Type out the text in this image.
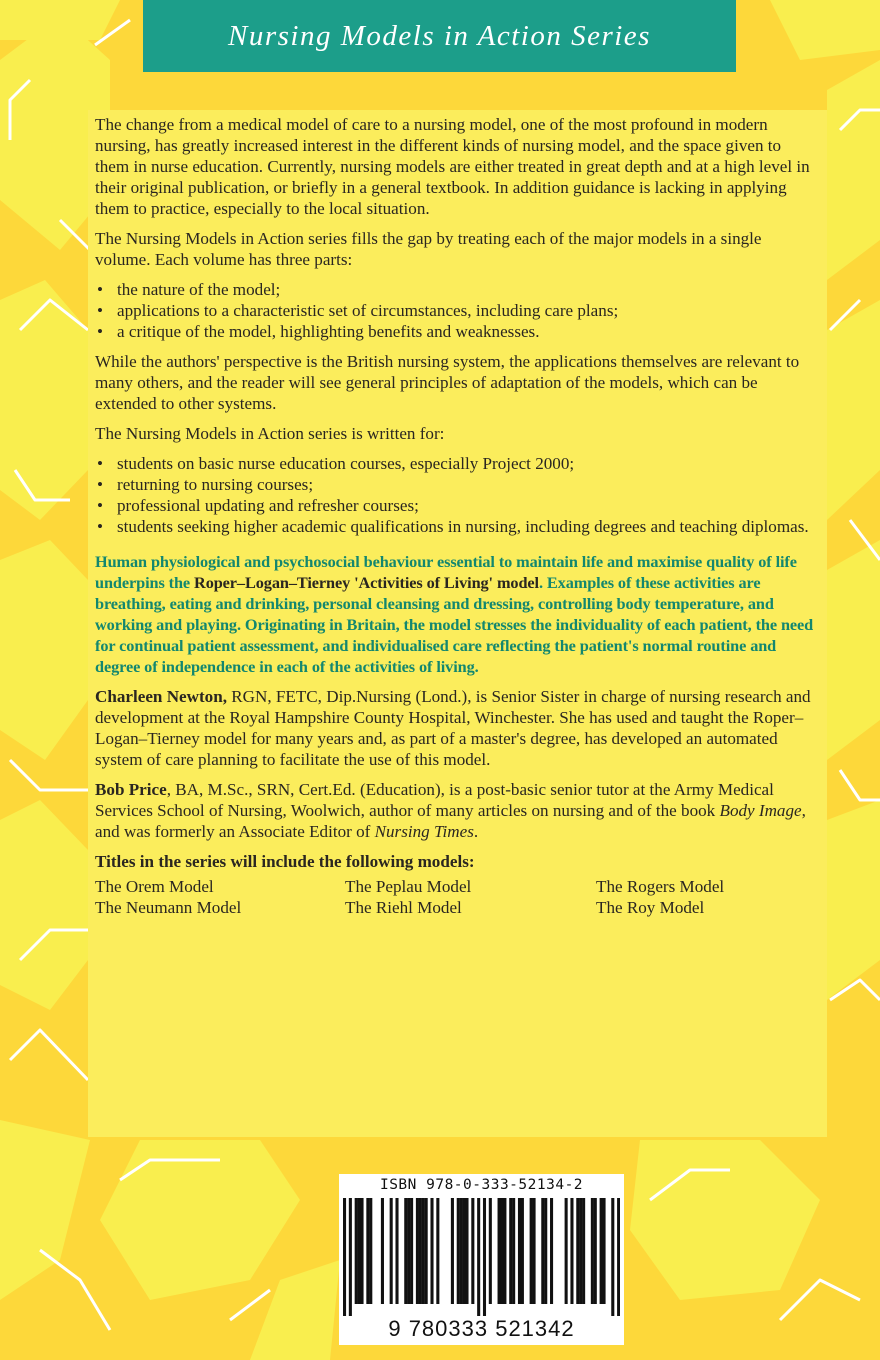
Nursing Models in Action Series

The change from a medical model of care to a nursing model, one of the most profound in modern nursing, has greatly increased interest in the different kinds of nursing model, and the space given to them in nurse education. Currently, nursing models are either treated in great depth and at a high level in their original publication, or briefly in a general textbook. In addition guidance is lacking in applying them to practice, especially to the local situation.

The Nursing Models in Action series fills the gap by treating each of the major models in a single volume. Each volume has three parts:

• the nature of the model;
• applications to a characteristic set of circumstances, including care plans;
• a critique of the model, highlighting benefits and weaknesses.

While the authors' perspective is the British nursing system, the applications themselves are relevant to many others, and the reader will see general principles of adaptation of the models, which can be extended to other systems.

The Nursing Models in Action series is written for:

• students on basic nurse education courses, especially Project 2000;
• returning to nursing courses;
• professional updating and refresher courses;
• students seeking higher academic qualifications in nursing, including degrees and teaching diplomas.

Human physiological and psychosocial behaviour essential to maintain life and maximise quality of life underpins the Roper–Logan–Tierney 'Activities of Living' model. Examples of these activities are breathing, eating and drinking, personal cleansing and dressing, controlling body temperature, and working and playing. Originating in Britain, the model stresses the individuality of each patient, the need for continual patient assessment, and individualised care reflecting the patient's normal routine and degree of independence in each of the activities of living.

Charleen Newton, RGN, FETC, Dip.Nursing (Lond.), is Senior Sister in charge of nursing research and development at the Royal Hampshire County Hospital, Winchester. She has used and taught the Roper–Logan–Tierney model for many years and, as part of a master's degree, has developed an automated system of care planning to facilitate the use of this model.

Bob Price, BA, M.Sc., SRN, Cert.Ed. (Education), is a post-basic senior tutor at the Army Medical Services School of Nursing, Woolwich, author of many articles on nursing and of the book Body Image, and was formerly an Associate Editor of Nursing Times.

Titles in the series will include the following models:

The Orem Model	The Peplau Model	The Rogers Model
The Neumann Model	The Riehl Model	The Roy Model
ISBN 978-0-333-52134-2
9 780333 521342
